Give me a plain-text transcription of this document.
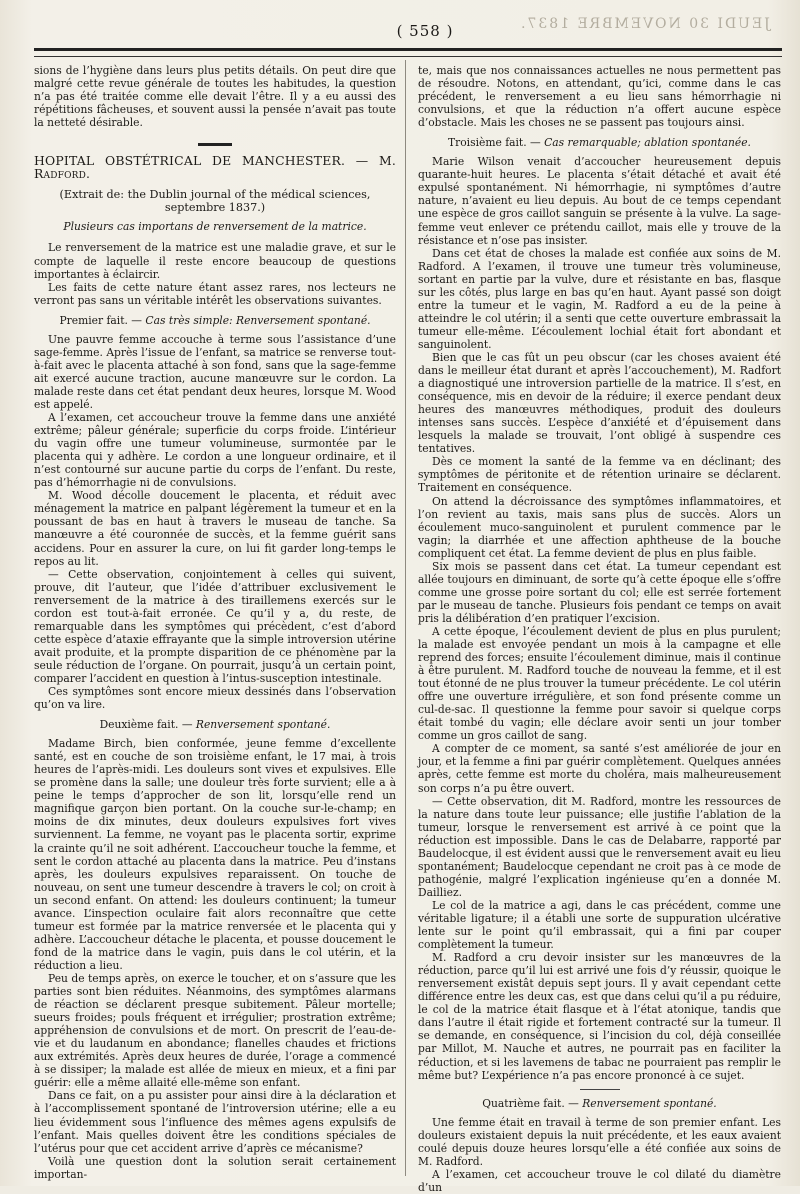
( 558 )	JEUDI 30 NOVEMBRE 1837.

sions de l’hygiène dans leurs plus petits détails. On peut dire que malgré cette revue générale de toutes les habitudes, la question n’a pas été traitée comme elle devait l’être. Il y a eu aussi des répétitions fâcheuses, et souvent aussi la pensée n’avait pas toute la netteté désirable.

HOPITAL OBSTÉTRICAL DE MANCHESTER. — M. Radford.

(Extrait de: the Dublin journal of the médical sciences, septembre 1837.)

Plusieurs cas importans de renversement de la matrice.

Le renversement de la matrice est une maladie grave, et sur le compte de laquelle il reste encore beaucoup de questions importantes à éclaircir.

Les faits de cette nature étant assez rares, nos lecteurs ne verront pas sans un véritable intérêt les observations suivantes.

Premier fait. — Cas très simple: Renversement spontané.

Une pauvre femme accouche à terme sous l’assistance d’une sage-femme. Après l’issue de l’enfant, sa matrice se renverse tout-à-fait avec le placenta attaché à son fond, sans que la sage-femme ait exercé aucune traction, aucune manœuvre sur le cordon. La malade reste dans cet état pendant deux heures, lorsque M. Wood est appelé.

A l’examen, cet accoucheur trouve la femme dans une anxiété extrême; pâleur générale; superficie du corps froide. L’intérieur du vagin offre une tumeur volumineuse, surmontée par le placenta qui y adhère. Le cordon a une longueur ordinaire, et il n’est contourné sur aucune partie du corps de l’enfant. Du reste, pas d’hémorrhagie ni de convulsions.

M. Wood décolle doucement le placenta, et réduit avec ménagement la matrice en palpant légèrement la tumeur et en la poussant de bas en haut à travers le museau de tanche. Sa manœuvre a été couronnée de succès, et la femme guérit sans accidens. Pour en assurer la cure, on lui fit garder long-temps le repos au lit.

— Cette observation, conjointement à celles qui suivent, prouve, dit l’auteur, que l’idée d’attribuer exclusivement le renversement de la matrice à des tiraillemens exercés sur le cordon est tout-à-fait erronée. Ce qu’il y a, du reste, de remarquable dans les symptômes qui précèdent, c’est d’abord cette espèce d’ataxie effrayante que la simple introversion utérine avait produite, et la prompte disparition de ce phénomène par la seule réduction de l’organe. On pourrait, jusqu’à un certain point, comparer l’accident en question à l’intus-susception intestinale.

Ces symptômes sont encore mieux dessinés dans l’observation qu’on va lire.

Deuxième fait. — Renversement spontané.

Madame Birch, bien conformée, jeune femme d’excellente santé, est en couche de son troisième enfant, le 17 mai, à trois heures de l’après-midi. Les douleurs sont vives et expulsives. Elle se promène dans la salle; une douleur très forte survient; elle a à peine le temps d’approcher de son lit, lorsqu’elle rend un magnifique garçon bien portant. On la couche sur-le-champ; en moins de dix minutes, deux douleurs expulsives fort vives surviennent. La femme, ne voyant pas le placenta sortir, exprime la crainte qu’il ne soit adhérent. L’accoucheur touche la femme, et sent le cordon attaché au placenta dans la matrice. Peu d’instans après, les douleurs expulsives reparaissent. On touche de nouveau, on sent une tumeur descendre à travers le col; on croit à un second enfant. On attend: les douleurs continuent; la tumeur avance. L’inspection oculaire fait alors reconnaître que cette tumeur est formée par la matrice renversée et le placenta qui y adhère. L’accoucheur détache le placenta, et pousse doucement le fond de la matrice dans le vagin, puis dans le col utérin, et la réduction a lieu.

Peu de temps après, on exerce le toucher, et on s’assure que les parties sont bien réduites. Néanmoins, des symptômes alarmans de réaction se déclarent presque subitement. Pâleur mortelle; sueurs froides; pouls fréquent et irrégulier; prostration extrême; appréhension de convulsions et de mort. On prescrit de l’eau-de-vie et du laudanum en abondance; flanelles chaudes et frictions aux extrémités. Après deux heures de durée, l’orage a commencé à se dissiper; la malade est allée de mieux en mieux, et a fini par guérir: elle a même allaité elle-même son enfant.

Dans ce fait, on a pu assister pour ainsi dire à la déclaration et à l’accomplissement spontané de l’introversion utérine; elle a eu lieu évidemment sous l’influence des mêmes agens expulsifs de l’enfant. Mais quelles doivent être les conditions spéciales de l’utérus pour que cet accident arrive d’après ce mécanisme?

Voilà une question dont la solution serait certainement importan-

te, mais que nos connaissances actuelles ne nous permettent pas de résoudre. Notons, en attendant, qu’ici, comme dans le cas précédent, le renversement a eu lieu sans hémorrhagie ni convulsions, et que la réduction n’a offert aucune espèce d’obstacle. Mais les choses ne se passent pas toujours ainsi.

Troisième fait. — Cas remarquable; ablation spontanée.

Marie Wilson venait d’accoucher heureusement depuis quarante-huit heures. Le placenta s’était détaché et avait été expulsé spontanément. Ni hémorrhagie, ni symptômes d’autre nature, n’avaient eu lieu depuis. Au bout de ce temps cependant une espèce de gros caillot sanguin se présente à la vulve. La sage-femme veut enlever ce prétendu caillot, mais elle y trouve de la résistance et n’ose pas insister.

Dans cet état de choses la malade est confiée aux soins de M. Radford. A l’examen, il trouve une tumeur très volumineuse, sortant en partie par la vulve, dure et résistante en bas, flasque sur les côtés, plus large en bas qu’en haut. Ayant passé son doigt entre la tumeur et le vagin, M. Radford a eu de la peine à atteindre le col utérin; il a senti que cette ouverture embrassait la tumeur elle-même. L’écoulement lochial était fort abondant et sanguinolent.

Bien que le cas fût un peu obscur (car les choses avaient été dans le meilleur état durant et après l’accouchement), M. Radfort a diagnostiqué une introversion partielle de la matrice. Il s’est, en conséquence, mis en devoir de la réduire; il exerce pendant deux heures des manœuvres méthodiques, produit des douleurs intenses sans succès. L’espèce d’anxiété et d’épuisement dans lesquels la malade se trouvait, l’ont obligé à suspendre ces tentatives.

Dès ce moment la santé de la femme va en déclinant; des symptômes de péritonite et de rétention urinaire se déclarent. Traitement en conséquence.

On attend la décroissance des symptômes inflammatoires, et l’on revient au taxis, mais sans plus de succès. Alors un écoulement muco-sanguinolent et purulent commence par le vagin; la diarrhée et une affection aphtheuse de la bouche compliquent cet état. La femme devient de plus en plus faible.

Six mois se passent dans cet état. La tumeur cependant est allée toujours en diminuant, de sorte qu’à cette époque elle s’offre comme une grosse poire sortant du col; elle est serrée fortement par le museau de tanche. Plusieurs fois pendant ce temps on avait pris la délibération d’en pratiquer l’excision.

A cette époque, l’écoulement devient de plus en plus purulent; la malade est envoyée pendant un mois à la campagne et elle reprend des forces; ensuite l’écoulement diminue, mais il continue à être purulent. M. Radford touche de nouveau la femme, et il est tout étonné de ne plus trouver la tumeur précédente. Le col utérin offre une ouverture irrégulière, et son fond présente comme un cul-de-sac. Il questionne la femme pour savoir si quelque corps était tombé du vagin; elle déclare avoir senti un jour tomber comme un gros caillot de sang.

A compter de ce moment, sa santé s’est améliorée de jour en jour, et la femme a fini par guérir complètement. Quelques années après, cette femme est morte du choléra, mais malheureusement son corps n’a pu être ouvert.

— Cette observation, dit M. Radford, montre les ressources de la nature dans toute leur puissance; elle justifie l’ablation de la tumeur, lorsque le renversement est arrivé à ce point que la réduction est impossible. Dans le cas de Delabarre, rapporté par Baudelocque, il est évident aussi que le renversement avait eu lieu spontanément; Baudelocque cependant ne croit pas à ce mode de pathogénie, malgré l’explication ingénieuse qu’en a donnée M. Dailliez.

Le col de la matrice a agi, dans le cas précédent, comme une véritable ligature; il a établi une sorte de suppuration ulcérative lente sur le point qu’il embrassait, qui a fini par couper complètement la tumeur.

M. Radford a cru devoir insister sur les manœuvres de la réduction, parce qu’il lui est arrivé une fois d’y réussir, quoique le renversement existât depuis sept jours. Il y avait cependant cette différence entre les deux cas, est que dans celui qu’il a pu réduire, le col de la matrice était flasque et à l’état atonique, tandis que dans l’autre il était rigide et fortement contracté sur la tumeur. Il se demande, en conséquence, si l’incision du col, déjà conseillée par Millot, M. Nauche et autres, ne pourrait pas en faciliter la réduction, et si les lavemens de tabac ne pourraient pas remplir le même but? L’expérience n’a pas encore prononcé à ce sujet.

Quatrième fait. — Renversement spontané.

Une femme était en travail à terme de son premier enfant. Les douleurs existaient depuis la nuit précédente, et les eaux avaient coulé depuis douze heures lorsqu’elle a été confiée aux soins de M. Radford.

A l’examen, cet accoucheur trouve le col dilaté du diamètre d’un
